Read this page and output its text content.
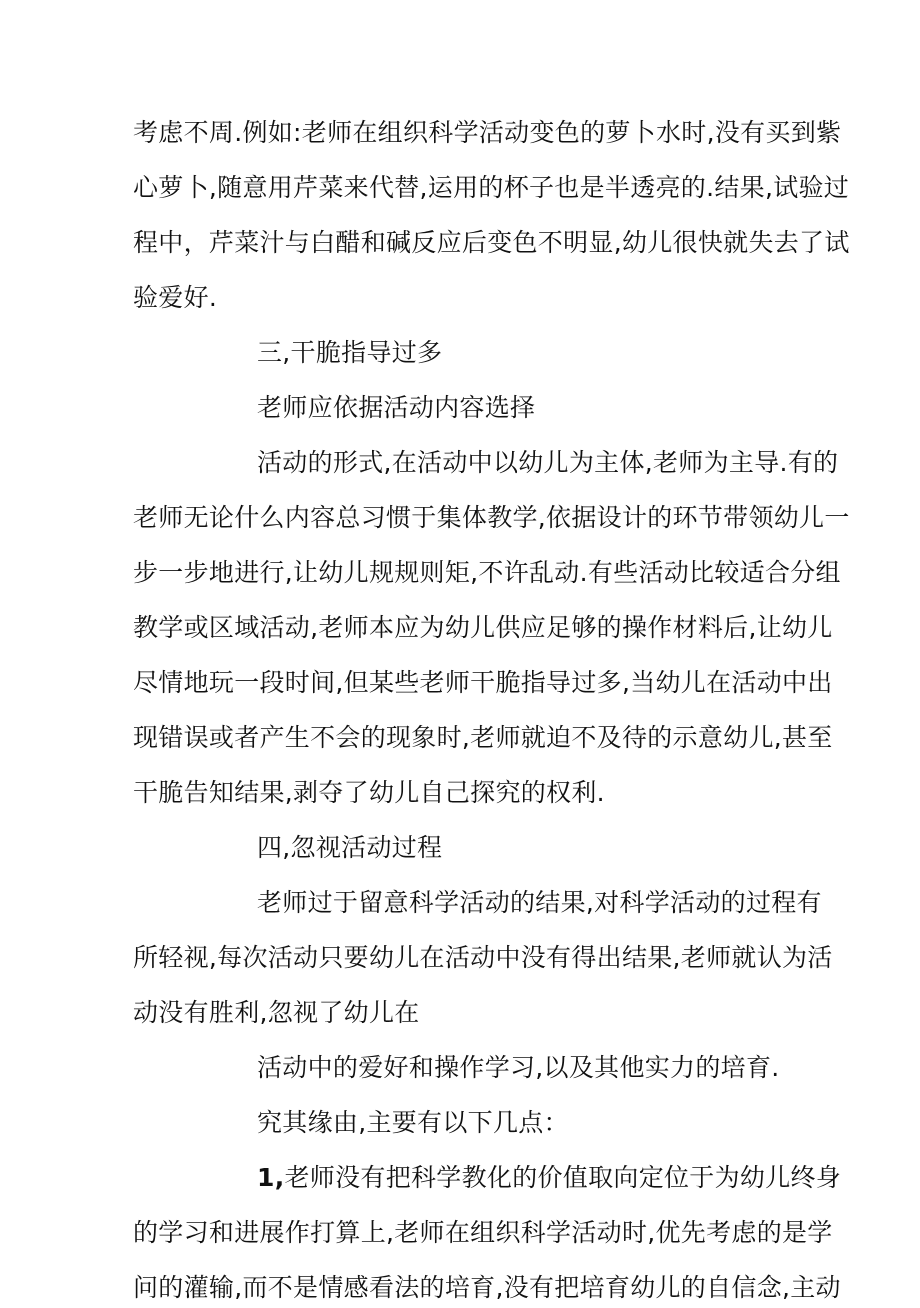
考虑不周.例如:老师在组织科学活动变色的萝卜水时,没有买到紫
心萝卜,随意用芹菜来代替,运用的杯子也是半透亮的.结果,试验过
程中，芹菜汁与白醋和碱反应后变色不明显,幼儿很快就失去了试
验爱好.
三,干脆指导过多
老师应依据活动内容选择
活动的形式,在活动中以幼儿为主体,老师为主导.有的
老师无论什么内容总习惯于集体教学,依据设计的环节带领幼儿一
步一步地进行,让幼儿规规则矩,不许乱动.有些活动比较适合分组
教学或区域活动,老师本应为幼儿供应足够的操作材料后,让幼儿
尽情地玩一段时间,但某些老师干脆指导过多,当幼儿在活动中出
现错误或者产生不会的现象时,老师就迫不及待的示意幼儿,甚至
干脆告知结果,剥夺了幼儿自己探究的权利.
四,忽视活动过程
老师过于留意科学活动的结果,对科学活动的过程有
所轻视,每次活动只要幼儿在活动中没有得出结果,老师就认为活
动没有胜利,忽视了幼儿在
活动中的爱好和操作学习,以及其他实力的培育.
究其缘由,主要有以下几点：
1,老师没有把科学教化的价值取向定位于为幼儿终身
的学习和进展作打算上,老师在组织科学活动时,优先考虑的是学
问的灌输,而不是情感看法的培育,没有把培育幼儿的自信念,主动
